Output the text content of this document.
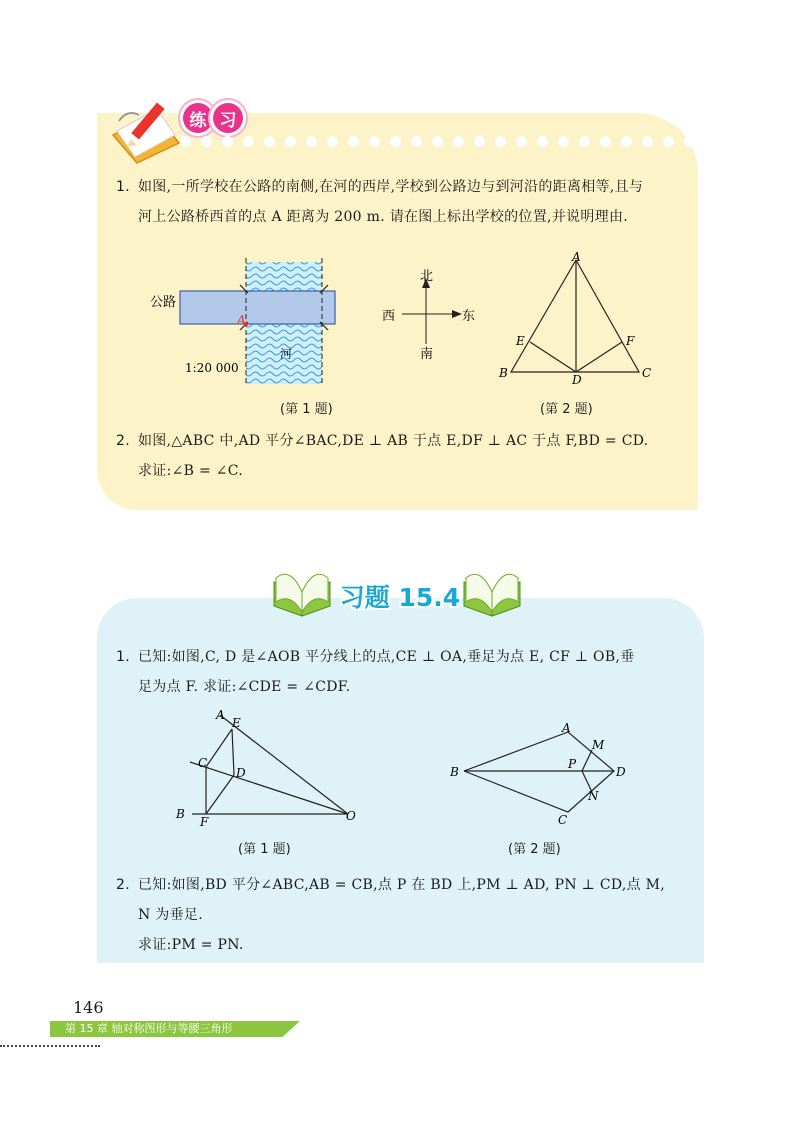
练 习
1. 如图,一所学校在公路的南侧,在河的西岸,学校到公路边与到河沿的距离相等,且与
河上公路桥西首的点 A 距离为 200 m. 请在图上标出学校的位置,并说明理由.
公路
A
河
1:20 000
北
南
东
西
A
B	C
D
E	F
(第 1 题)	(第 2 题)
2. 如图,△ABC 中,AD 平分∠BAC,DE ⊥ AB 于点 E,DF ⊥ AC 于点 F,BD = CD.
求证:∠B = ∠C.
习题 15.4
1. 已知:如图,C, D 是∠AOB 平分线上的点,CE ⊥ OA,垂足为点 E, CF ⊥ OB,垂
足为点 F. 求证:∠CDE = ∠CDF.
A
E
C
D
B
F	O
A
M
P
B	D
N
C
(第 1 题)	(第 2 题)
2. 已知:如图,BD 平分∠ABC,AB = CB,点 P 在 BD 上,PM ⊥ AD, PN ⊥ CD,点 M,
N 为垂足.
求证:PM = PN.
146
第 15 章 轴对称图形与等腰三角形
